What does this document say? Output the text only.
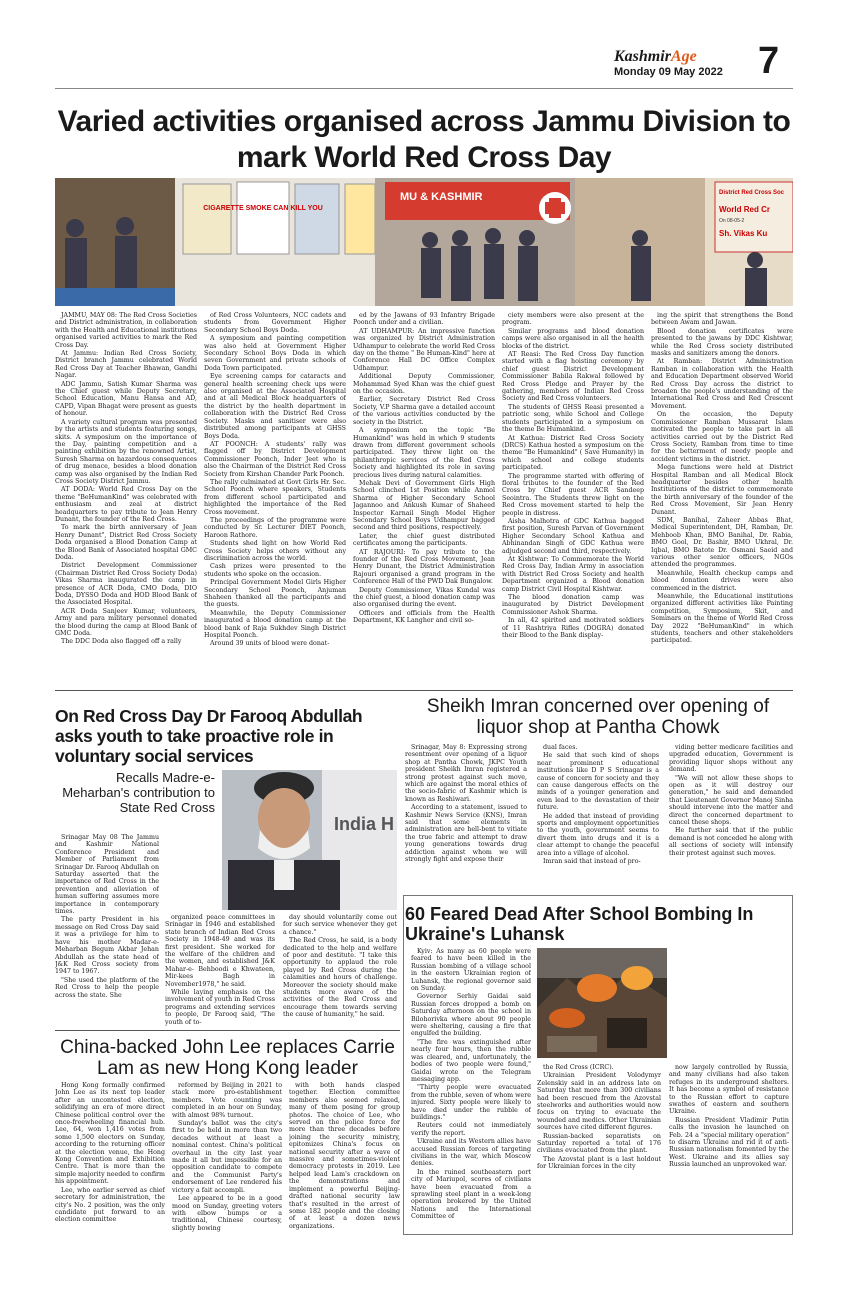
KashmirAge
Monday 09 May 2022 7
Varied activities organised across Jammu Division to mark World Red Cross Day
CIGARETTE SMOKE CAN KILL YOU
MU & KASHMIR	District Red Cross Soc
World Red Cr
On 08-05-2
Sh. Vikas Ku

JAMMU, MAY 08: The Red Cross Societies and District administration, in collaboration with the Health and Educational institutions organised varied activities to mark the Red Cross Day.

At Jammu: Indian Red Cross Society, District branch Jammu celebrated World Red Cross Day at Teacher Bhawan, Gandhi Nagar.

ADC Jammu, Satish Kumar Sharma was the Chief guest while Deputy Secretary, School Education, Manu Hansa and AD, CAPD, Vipan Bhagat were present as guests of honour.

A variety cultural program was presented by the artists and students featuring songs, skits. A symposium on the importance of the Day, painting competition and a painting exhibition by the renowned Artist, Suresh Sharma on hazardous consequences of drug menace, besides a blood donation camp was also organised by the Indian Red Cross Society District Jammu.

AT DODA: World Red Cross Day on the theme "BeHumanKind" was celebrated with enthusiasm and zeal at district headquarters to pay tribute to Jean Henry Dunant, the founder of the Red Cross.

To mark the birth anniversary of Jean Henry Dunant", District Red Cross Society Doda organised a Blood Donation Camp at the Blood Bank of Associated hospital GMC Doda.

District Development Commissioner (Chairman District Red Cross Society Doda) Vikas Sharma inaugurated the camp in presence of ACR Doda, CMO Doda, DIO Doda, DYSSO Doda and HOD Blood Bank of the Associated Hospital.

ACR Doda Sanjeev Kumar, volunteers, Army and para military personnel donated the blood during the camp at Blood Bank of GMC Doda.

The DDC Doda also flagged off a rally

of Red Cross Volunteers, NCC cadets and students from Government Higher Secondary School Boys Doda.

A symposium and painting competition was also held at Government Higher Secondary School Boys Doda in which seven Government and private schools of Doda Town participated.

Eye screening camps for cataracts and general health screening check ups were also organised at the Associated Hospital and at all Medical Block headquarters of the district by the health department in collaboration with the District Red Cross Society. Masks and sanitiser were also distributed among participants at GHSS Boys Doda.

AT POONCH: A students' rally was flagged off by District Development Commissioner Poonch, Inder Jeet who is also the Chairman of the District Red Cross Society from Kirshan Chander Park Poonch.

The rally culminated at Govt Girls Hr. Sec. School Poonch where speakers, Students from different school participated and highlighted the importance of the Red Cross movement.

The proceedings of the programme were conducted by Sr. Lecturer DIET Poonch, Haroon Rathore.

Students shed light on how World Red Cross Society helps others without any discrimination across the world.

Cash prizes were presented to the students who spoke on the occasion.

Principal Government Model Girls Higher Secondary School Poonch, Anjuman Shaheen thanked all the participants and the guests.

Meanwhile, the Deputy Commissioner inaugurated a blood donation camp at the blood bank of Raja Sukhdev Singh District Hospital Poonch.

Around 39 units of blood were donat-

ed by the Jawans of 93 Infantry Brigade Poonch under and a civilian.

AT UDHAMPUR: An impressive function was organized by District Administration Udhampur to celebrate the world Red Cross day on the theme " Be Human-Kind" here at Conference Hall DC Office Complex Udhampur.

Additional Deputy Commissioner, Mohammad Syed Khan was the chief guest on the occasion.

Earlier, Secretary District Red Cross Society, V.P Sharma gave a detailed account of the various activities conducted by the society in the District.

A symposium on the topic "Be Humankind" was held in which 9 students drawn from different government schools participated. They threw light on the philanthropic services of the Red Cross Society and highlighted its role in saving precious lives during natural calamities.

Mehak Devi of Government Girls High School clinched 1st Position while Anmol Sharma of Higher Secondary School Jagannoo and Ankush Kumar of Shaheed Inspector Karnail Singh Model Higher Secondary School Boys Udhampur bagged second and third positions, respectively.

Later, the chief guest distributed certificates among the participants.

AT RAJOURI: To pay tribute to the founder of the Red Cross Movement, Jean Henry Dunant, the District Administration Rajouri organised a grand program in the Conference Hall of the PWD Dak Bungalow.

Deputy Commissioner, Vikas Kundal was the chief guest, a blood donation camp was also organised during the event.

Officers and officials from the Health Department, KK Langher and civil so-

ciety members were also present at the program.

Similar programs and blood donation camps were also organised in all the health blocks of the district.

AT Reasi: The Red Cross Day function started with a flag hoisting ceremony by chief guest District Development Commissioner Babila Rakwal followed by Red Cross Pledge and Prayer by the gathering, members of Indian Red Cross Society and Red Cross volunteers.

The students of GHSS Reasi presented a patriotic song, while School and College students participated in a symposium on the theme Be Humankind.

At Kathua: District Red Cross Society (DRCS) Kathua hosted a symposium on the theme "Be Humankind" ( Save Humanity) in which school and college students participated.

The programme started with offering of floral tributes to the founder of the Red Cross by Chief guest ACR Sandeep Seointra. The Students threw light on the Red Cross movement started to help the people in distress.

Aisha Malhotra of GDC Kathua bagged first position, Suresh Parvan of Government Higher Secondary School Kathua and Abhinandan Singh of GDC Kathua were adjudged second and third, respectively.

At Kishtwar: To Commemorate the World Red Cross Day, Indian Army in association with District Red Cross Society and health Department organized a Blood donation camp District Civil Hospital Kishtwar.

The blood donation camp was inaugurated by District Development Commissioner Ashok Sharma.

In all, 42 spirited and motivated soldiers of 11 Rashtriya Rifles (DOGRA) donated their Blood to the Bank display-

ing the spirit that strengthens the Bond between Awam and Jawan.

Blood donation certificates were presented to the jawans by DDC Kishtwar, while the Red Cross society distributed masks and sanitizers among the donors.

At Ramban: District Administration Ramban in collaboration with the Health and Education Department observed World Red Cross Day across the district to broaden the people's understanding of the International Red Cross and Red Crescent Movement.

On the occasion, the Deputy Commissioner Ramban Mussarat Islam motivated the people to take part in all activities carried out by the District Red Cross Society, Ramban from time to time for the betterment of needy people and accident victims in the district.

Mega functions were held at District Hospital Ramban and all Medical Block headquarter besides other health Institutions of the district to commemorate the birth anniversary of the founder of the Red Cross Movement, Sir Jean Henry Dunant.

SDM, Banihal, Zaheer Abbas Bhat, Medical Superintendent, DH, Ramban, Dr. Mehboob Khan, BMO Banihal, Dr. Rabia, BMO Gool, Dr. Bashir, BMO Ukhral, Dr. Iqbal, BMO Batote Dr. Osmani Saeid and various other senior officers, NGOs attended the programmes.

Meanwhile, Health checkup camps and blood donation drives were also commenced in the district.

Meanwhile, the Educational institutions organized different activities like Painting competition, Symposium, Skit, and Seminars on the theme of World Red Cross Day 2022 "BeHumanKind" in which students, teachers and other stakeholders participated.

On Red Cross Day Dr Farooq Abdullah asks youth to take proactive role in voluntary social services
Recalls Madre-e-Meharban's contribution to State Red Cross
India H

Srinagar May 08 The Jammu and Kashmir National Conference President and Member of Parliament from Srinagar Dr. Farooq Abdullah on Saturday asserted that the importance of Red Cross in the prevention and alleviation of human suffering assumes more importance in contemporary times.

The party President in his message on Red Cross Day said it was a privilege for him to have his mother Madar-e-Meharban Begum Akbar Jehan Abdullah as the state head of J&K Red Cross society from 1947 to 1967.

"She used the platform of the Red Cross to help the people across the state. She

organized peace committees in Srinagar in 1946 and established state branch of Indian Red Cross Society in 1948-49 and was its first president. She worked for the welfare of the children and the women, and established J&K Mahar-e- Behboodi e Khwateen, Mir-kees Bagh in November1978," he said.

While laying emphasis on the involvement of youth in Red Cross programs and extending services to people, Dr Farooq said, "The youth of to-

day should voluntarily come out for such service whenever they get a chance."

The Red Cross, he said, is a body dedicated to the help and welfare of poor and destitute. "I take this opportunity to applaud the role played by Red Cross during the calamities and hours of challenge. Moreover the society should make students more aware of the activities of the Red Cross and encourage them towards serving the cause of humanity," he said.

Sheikh Imran concerned over opening of liquor shop at Pantha Chowk

Srinagar, May 8: Expressing strong resentment over opening of a liquor shop at Pantha Chowk, JKPC Youth president Sheikh Imran registered a strong protest against such move, which are against the moral ethics of the socio-fabric of Kashmir which is known as Reshiwari.

According to a statement, issued to Kashmir News Service (KNS), Imran said that some elements in administration are hell-bent to vitiate the true fabric and attempt to draw young generations towards drug addiction against whom we will strongly fight and expose their

dual faces.

He said that such kind of shops near prominent educational institutions like D P S Srinagar is a cause of concern for society and they can cause dangerous effects on the minds of a younger generation and even lead to the devastation of their future.

He added that instead of providing sports and employment opportunities to the youth, government seems to divert them into drugs and it is a clear attempt to change the peaceful area into a village of alcohol.

Imran said that instead of pro-

viding better medicare facilities and upgraded education, Government is providing liquor shops without any demand.

"We will not allow these shops to open as it will destroy our generation," he said and demanded that Lieutenant Governor Manoj Sinha should intervene into the matter and direct the concerned department to cancel these shops.

He further said that if the public demand is not conceded he along with all sections of society will intensify their protest against such moves.

China-backed John Lee replaces Carrie Lam as new Hong Kong leader

Hong Kong formally confirmed John Lee as its next top leader after an uncontested election, solidifying an era of more direct Chinese political control over the once-freewheeling financial hub. Lee, 64, won 1,416 votes from some 1,500 electors on Sunday, according to the returning officer at the election venue, the Hong Kong Convention and Exhibition Centre. That is more than the simple majority needed to confirm his appointment.

Lee, who earlier served as chief secretary for administration, the city's No. 2 position, was the only candidate put forward to an election committee

reformed by Beijing in 2021 to stack more pro-establishment members. Vote counting was completed in an hour on Sunday, with almost 98% turnout.

Sunday's ballot was the city's first to be held in more than two decades without at least a nominal contest. China's political overhaul in the city last year made it all but impossible for an opposition candidate to compete and the Communist Party's endorsement of Lee rendered his victory a fait accompli.

Lee appeared to be in a good mood on Sunday, greeting voters with elbow bumps or a traditional, Chinese courtesy, slightly bowing

with both hands clasped together. Election committee members also seemed relaxed, many of them posing for group photos. The choice of Lee, who served on the police force for more than three decades before joining the security ministry, epitomizes China's focus on national security after a wave of massive and sometimes-violent democracy protests in 2019. Lee helped lead Lam's crackdown on the demonstrations and implement a powerful Beijing-drafted national security law that's resulted in the arrest of some 182 people and the closing of at least a dozen news organizations.

60 Feared Dead After School Bombing In Ukraine's Luhansk

Kyiv: As many as 60 people were feared to have been killed in the Russian bombing of a village school in the eastern Ukrainian region of Luhansk, the regional governor said on Sunday.

Governor Serhiy Gaidai said Russian forces dropped a bomb on Saturday afternoon on the school in Bilohorivka where about 90 people were sheltering, causing a fire that engulfed the building.

"The fire was extinguished after nearly four hours, then the rubble was cleared, and, unfortunately, the bodies of two people were found," Gaidai wrote on the Telegram messaging app.

"Thirty people were evacuated from the rubble, seven of whom were injured. Sixty people were likely to have died under the rubble of buildings."

Reuters could not immediately verify the report.

Ukraine and its Western allies have accused Russian forces of targeting civilians in the war, which Moscow denies.

In the ruined southeastern port city of Mariupol, scores of civilians have been evacuated from a sprawling steel plant in a week-long operation brokered by the United Nations and the International Committee of

the Red Cross (ICRC).

Ukrainian President Volodymyr Zelenskiy said in an address late on Saturday that more than 300 civilians had been rescued from the Azovstal steelworks and authorities would now focus on trying to evacuate the wounded and medics. Other Ukrainian sources have cited different figures.

Russian-backed separatists on Saturday reported a total of 176 civilians evacuated from the plant.

The Azovstal plant is a last holdout for Ukrainian forces in the city

now largely controlled by Russia, and many civilians had also taken refuges in its underground shelters. It has become a symbol of resistance to the Russian effort to capture swathes of eastern and southern Ukraine.

Russian President Vladimir Putin calls the invasion he launched on Feb. 24 a "special military operation" to disarm Ukraine and rid it of anti-Russian nationalism fomented by the West. Ukraine and its allies say Russia launched an unprovoked war.
